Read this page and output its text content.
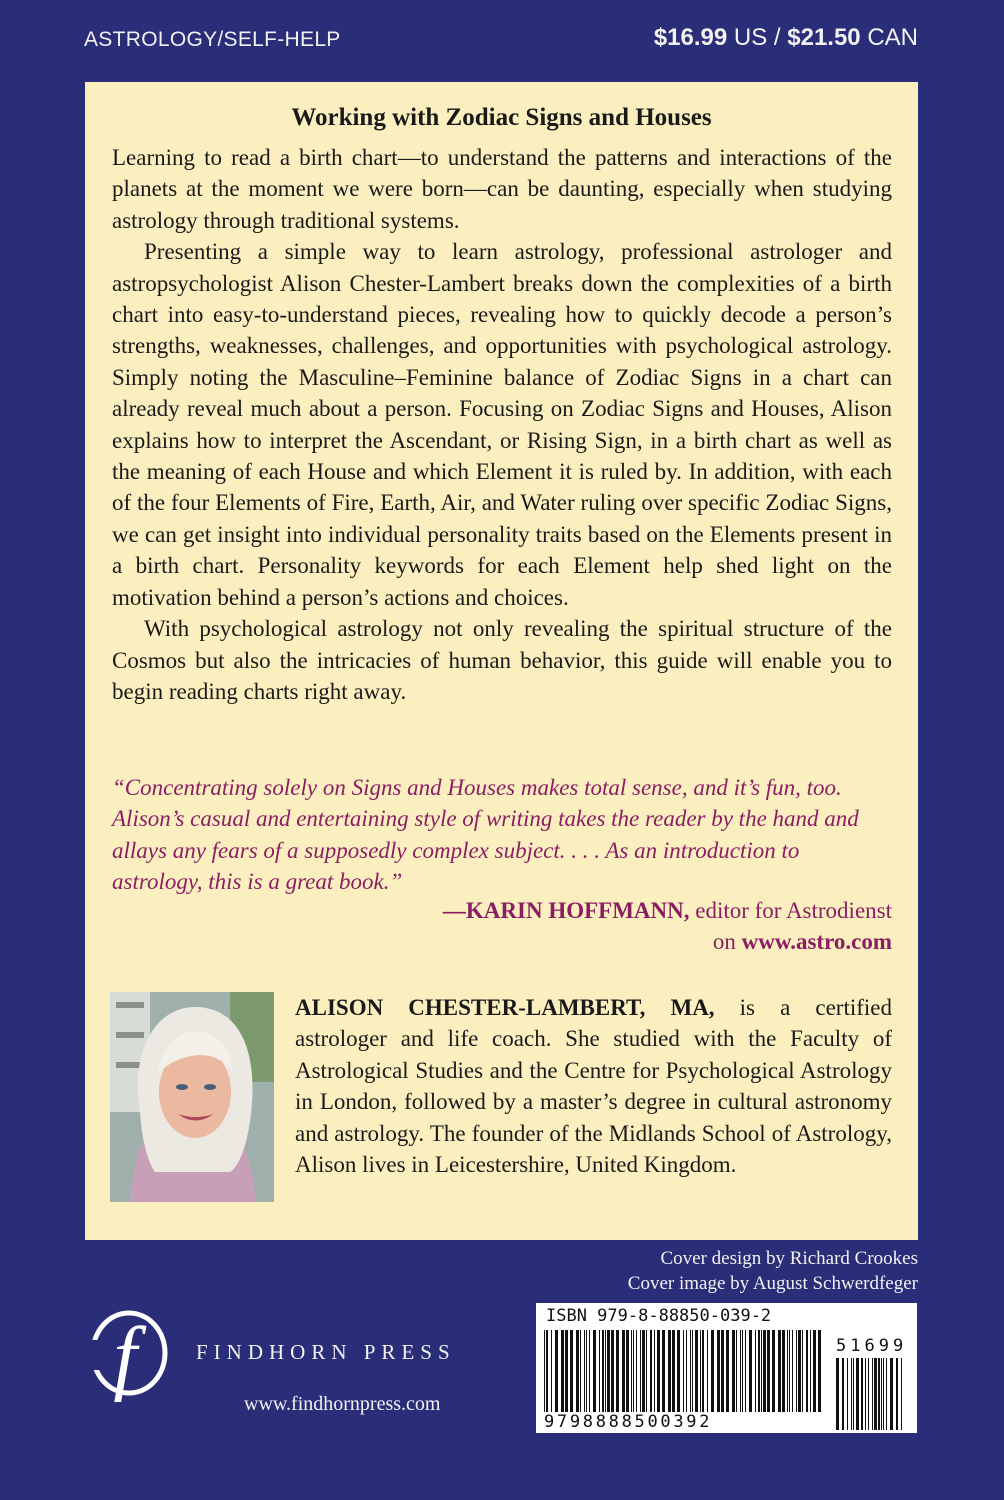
ASTROLOGY/SELF-HELP	$16.99 US / $21.50 CAN
Working with Zodiac Signs and Houses

Learning to read a birth chart—to understand the patterns and interactions of the planets at the moment we were born—can be daunting, especially when studying astrology through traditional systems.

Presenting a simple way to learn astrology, professional astrologer and astropsychologist Alison Chester-Lambert breaks down the complexities of a birth chart into easy-to-understand pieces, revealing how to quickly decode a person’s strengths, weaknesses, challenges, and opportunities with psychological astrology. Simply noting the Masculine–Feminine balance of Zodiac Signs in a chart can already reveal much about a person. Focusing on Zodiac Signs and Houses, Alison explains how to interpret the Ascendant, or Rising Sign, in a birth chart as well as the meaning of each House and which Element it is ruled by. In addition, with each of the four Elements of Fire, Earth, Air, and Water ruling over specific Zodiac Signs, we can get insight into individual personality traits based on the Elements present in a birth chart. Personality keywords for each Element help shed light on the motivation behind a person’s actions and choices.

With psychological astrology not only revealing the spiritual structure of the Cosmos but also the intricacies of human behavior, this guide will enable you to begin reading charts right away.

“Concentrating solely on Signs and Houses makes total sense, and it’s fun, too. Alison’s casual and entertaining style of writing takes the reader by the hand and allays any fears of a supposedly complex subject. . . . As an introduction to astrology, this is a great book.”
—KARIN HOFFMANN, editor for Astrodienst
on www.astro.com
ALISON CHESTER-LAMBERT, MA, is a certified astrologer and life coach. She studied with the Faculty of Astrological Studies and the Centre for Psychological Astrology in London, followed by a master’s degree in cultural astronomy and astrology. The founder of the Midlands School of Astrology, Alison lives in Leicestershire, United Kingdom.
Cover design by Richard Crookes
Cover image by August Schwerdfeger
f	FINDHORN PRESS
www.findhornpress.com
ISBN 979-8-88850-039-2
51699
9798888500392
